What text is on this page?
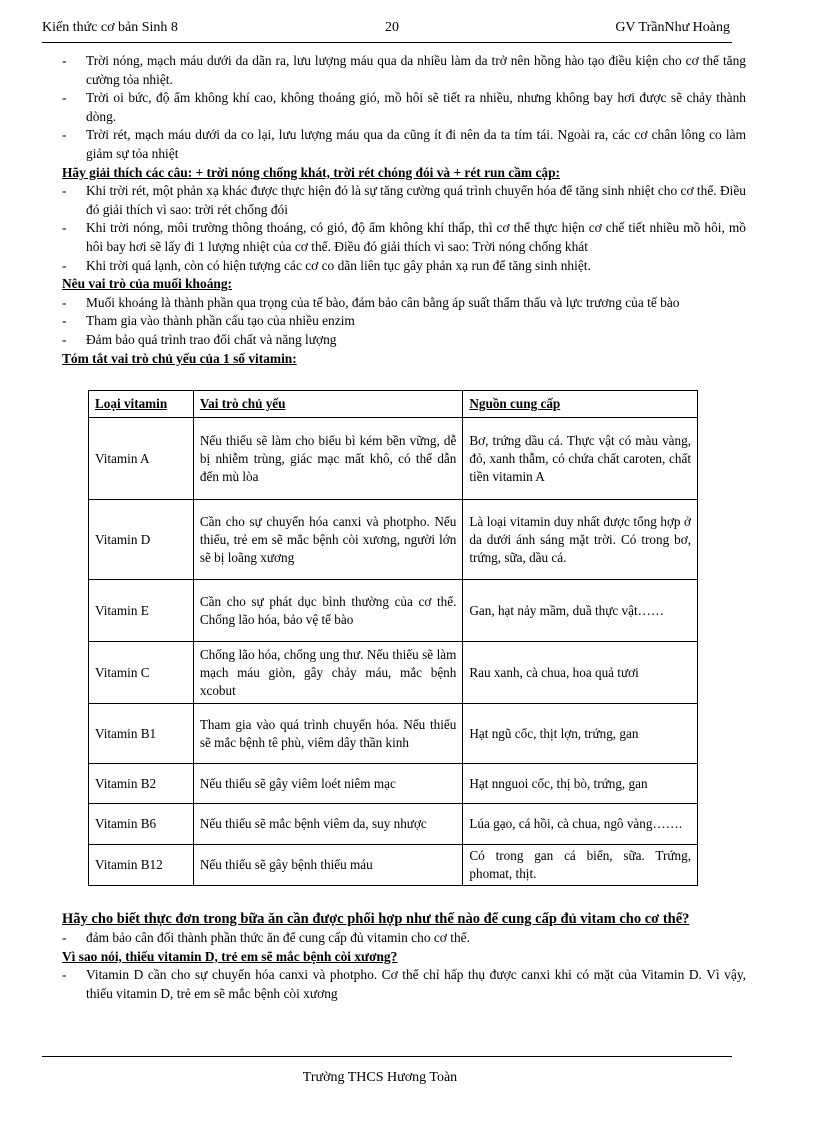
Kiến thức cơ bản Sinh 8	20	GV TrầnNhư Hoàng
- Trời nóng, mạch máu dưới da dãn ra, lưu lượng máu qua da nhiều làm da trở nên hồng hào tạo điều kiện cho cơ thể tăng cường tỏa nhiệt.
- Trời oi bức, độ ẩm không khí cao, không thoáng gió, mồ hôi sẽ tiết ra nhiều, nhưng không bay hơi được sẽ chảy thành dòng.
- Trời rét, mạch máu dưới da co lại, lưu lượng máu qua da cũng ít đi nên da ta tím tái. Ngoài ra, các cơ chân lông co làm giảm sự tỏa nhiệt
Hãy giải thích các câu: + trời nóng chống khát, trời rét chóng đói và + rét run cầm cập:
- Khi trời rét, một phản xạ khác được thực hiện đó là sự tăng cường quá trình chuyển hóa để tăng sinh nhiệt cho cơ thể. Điều đó giải thích vì sao: trời rét chống đói
- Khi trời nóng, môi trường thông thoáng, có gió, độ ẩm không khí thấp, thì cơ thể thực hiện cơ chế tiết nhiều mồ hôi, mồ hôi bay hơi sẽ lấy đi 1 lượng nhiệt của cơ thể. Điều đó giải thích vì sao: Trời nóng chống khát
- Khi trời quá lạnh, còn có hiện tượng các cơ co dãn liên tục gây phản xạ run để tăng sinh nhiệt.
Nêu vai trò của muối khoáng:
- Muối khoáng là thành phần qua trọng của tế bào, đảm bảo cân bằng áp suất thẩm thấu và lực trương của tế bào
- Tham gia vào thành phần cấu tạo của nhiều enzim
- Đảm bảo quá trình trao đổi chất và năng lượng
Tóm tắt vai trò chủ yếu của 1 số vitamin:
Loại vitamin	Vai trò chủ yếu	Nguồn cung cấp
Vitamin A	Nếu thiếu sẽ làm cho biểu bì kém bền vững, dễ bị nhiễm trùng, giác mạc mất khô, có thể dẫn đến mù lòa	Bơ, trứng dầu cá. Thực vật có màu vàng, đỏ, xanh thẫm, có chứa chất caroten, chất tiền vitamin A
Vitamin D	Cần cho sự chuyển hóa canxi và photpho. Nếu thiếu, trẻ em sẽ mắc bệnh còi xương, người lớn sẽ bị loãng xương	Là loại vitamin duy nhất được tổng hợp ở da dưới ánh sáng mặt trời. Có trong bơ, trứng, sữa, dầu cá.
Vitamin E	Cần cho sự phát dục bình thường của cơ thể. Chống lão hóa, bảo vệ tế bào	Gan, hạt nảy mầm, duầ thực vật……
Vitamin C	Chống lão hóa, chống ung thư. Nếu thiếu sẽ làm mạch máu giòn, gây chảy máu, mắc bệnh xcobut	Rau xanh, cà chua, hoa quả tươi
Vitamin B1	Tham gia vào quá trình chuyển hóa. Nếu thiếu sẽ mắc bệnh tê phù, viêm dây thần kinh	Hạt ngũ cốc, thịt lợn, trứng, gan
Vitamin B2	Nếu thiếu sẽ gây viêm loét niêm mạc	Hạt nnguoi cốc, thị bò, trứng, gan
Vitamin B6	Nếu thiếu sẽ mắc bệnh viêm da, suy nhược	Lúa gạo, cá hồi, cà chua, ngô vàng…….
Vitamin B12	Nếu thiếu sẽ gây bệnh thiếu máu	Có trong gan cá biển, sữa. Trứng, phomat, thịt.
Hãy cho biết thực đơn trong bữa ăn cần được phối hợp như thế nào để cung cấp đủ vitam cho cơ thể?
- đảm bảo cân đối thành phần thức ăn để cung cấp đủ vitamin cho cơ thể.
Vì sao nói, thiếu vitamin D, trẻ em sẽ mắc bệnh còi xương?
- Vitamin D cần cho sự chuyển hóa canxi và photpho. Cơ thể chỉ hấp thụ được canxi khi có mặt của Vitamin D. Vì vậy, thiếu vitamin D, trẻ em sẽ mắc bệnh còi xương
Trường THCS Hương Toàn
